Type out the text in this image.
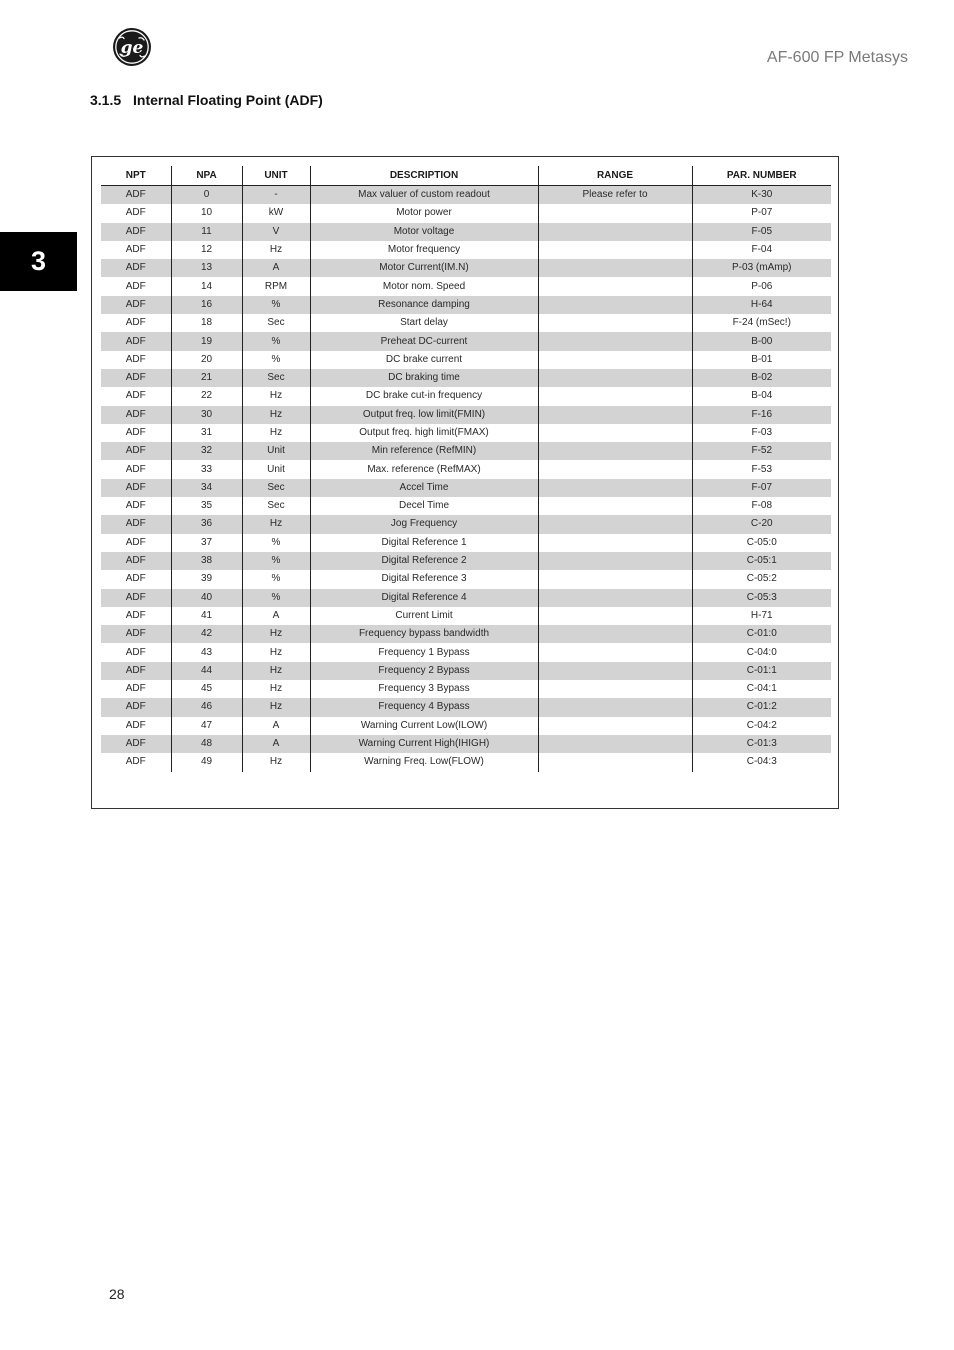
ge	AF-600 FP Metasys
3.1.5 Internal Floating Point (ADF)
3
NPT	NPA	UNIT	DESCRIPTION	RANGE	PAR. NUMBER
ADF	0	-	Max valuer of custom readout	Please refer to	K-30
ADF	10	kW	Motor power		P-07
ADF	11	V	Motor voltage		F-05
ADF	12	Hz	Motor frequency		F-04
ADF	13	A	Motor Current(IM.N)		P-03 (mAmp)
ADF	14	RPM	Motor nom. Speed		P-06
ADF	16	%	Resonance damping		H-64
ADF	18	Sec	Start delay		F-24 (mSec!)
ADF	19	%	Preheat DC-current		B-00
ADF	20	%	DC brake current		B-01
ADF	21	Sec	DC braking time		B-02
ADF	22	Hz	DC brake cut-in frequency		B-04
ADF	30	Hz	Output freq. low limit(FMIN)		F-16
ADF	31	Hz	Output freq. high limit(FMAX)		F-03
ADF	32	Unit	Min reference (RefMIN)		F-52
ADF	33	Unit	Max. reference (RefMAX)		F-53
ADF	34	Sec	Accel Time		F-07
ADF	35	Sec	Decel Time		F-08
ADF	36	Hz	Jog Frequency		C-20
ADF	37	%	Digital Reference 1		C-05:0
ADF	38	%	Digital Reference 2		C-05:1
ADF	39	%	Digital Reference 3		C-05:2
ADF	40	%	Digital Reference 4		C-05:3
ADF	41	A	Current Limit		H-71
ADF	42	Hz	Frequency bypass bandwidth		C-01:0
ADF	43	Hz	Frequency 1 Bypass		C-04:0
ADF	44	Hz	Frequency 2 Bypass		C-01:1
ADF	45	Hz	Frequency 3 Bypass		C-04:1
ADF	46	Hz	Frequency 4 Bypass		C-01:2
ADF	47	A	Warning Current Low(ILOW)		C-04:2
ADF	48	A	Warning Current High(IHIGH)		C-01:3
ADF	49	Hz	Warning Freq. Low(FLOW)		C-04:3
28
